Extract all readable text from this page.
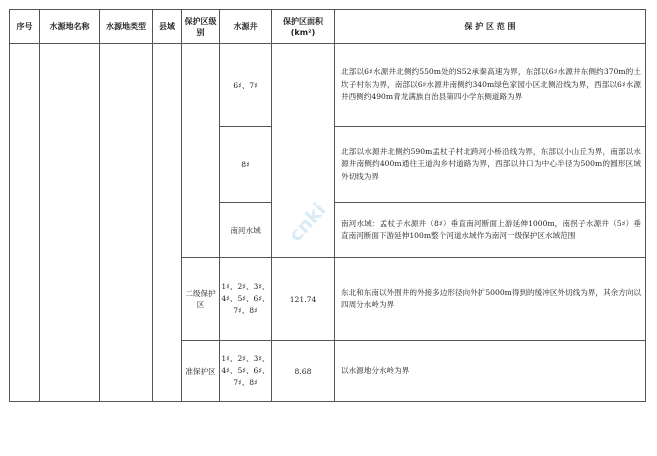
序号	水源地名称	水源地类型	县域	保护区级别	水源井	保护区面积
(km²)	保 护 区 范 围
					6♯、7♯		北部以6♯水源井北侧约550m处的S52承秦高速为界，东部以6♯水源井东侧约370m的土坎子村东为界，南部以6♯水源井南侧约340m绿色家园小区北侧沿线为界，西部以6♯水源井西侧约490m青龙满族自治县第四小学东侧道路为界
					8♯		北部以水源井北侧约590m孟杖子村北跨河小桥沿线为界，东部以小山丘为界，南部以水源井南侧约400m通往王道沟乡村道路为界，西部以井口为中心半径为500m的圆形区域外切线为界
					南河水域		南河水域：孟杖子水源井（8♯）垂直南河断面上游延伸1000m，南拐子水源井（5♯）垂直南河断面下游延伸100m整个河道水域作为南河一级保护区水域范围
				二级保护区	1♯、2♯、3♯、4♯、5♯、6♯、7♯、8♯	121.74	东北和东南以外围井的外接多边形径向外扩5000m得到的缓冲区外切线为界，其余方向以四周分水岭为界
				准保护区	1♯、2♯、3♯、4♯、5♯、6♯、7♯、8♯	8.68	以水源地分水岭为界
cnki
